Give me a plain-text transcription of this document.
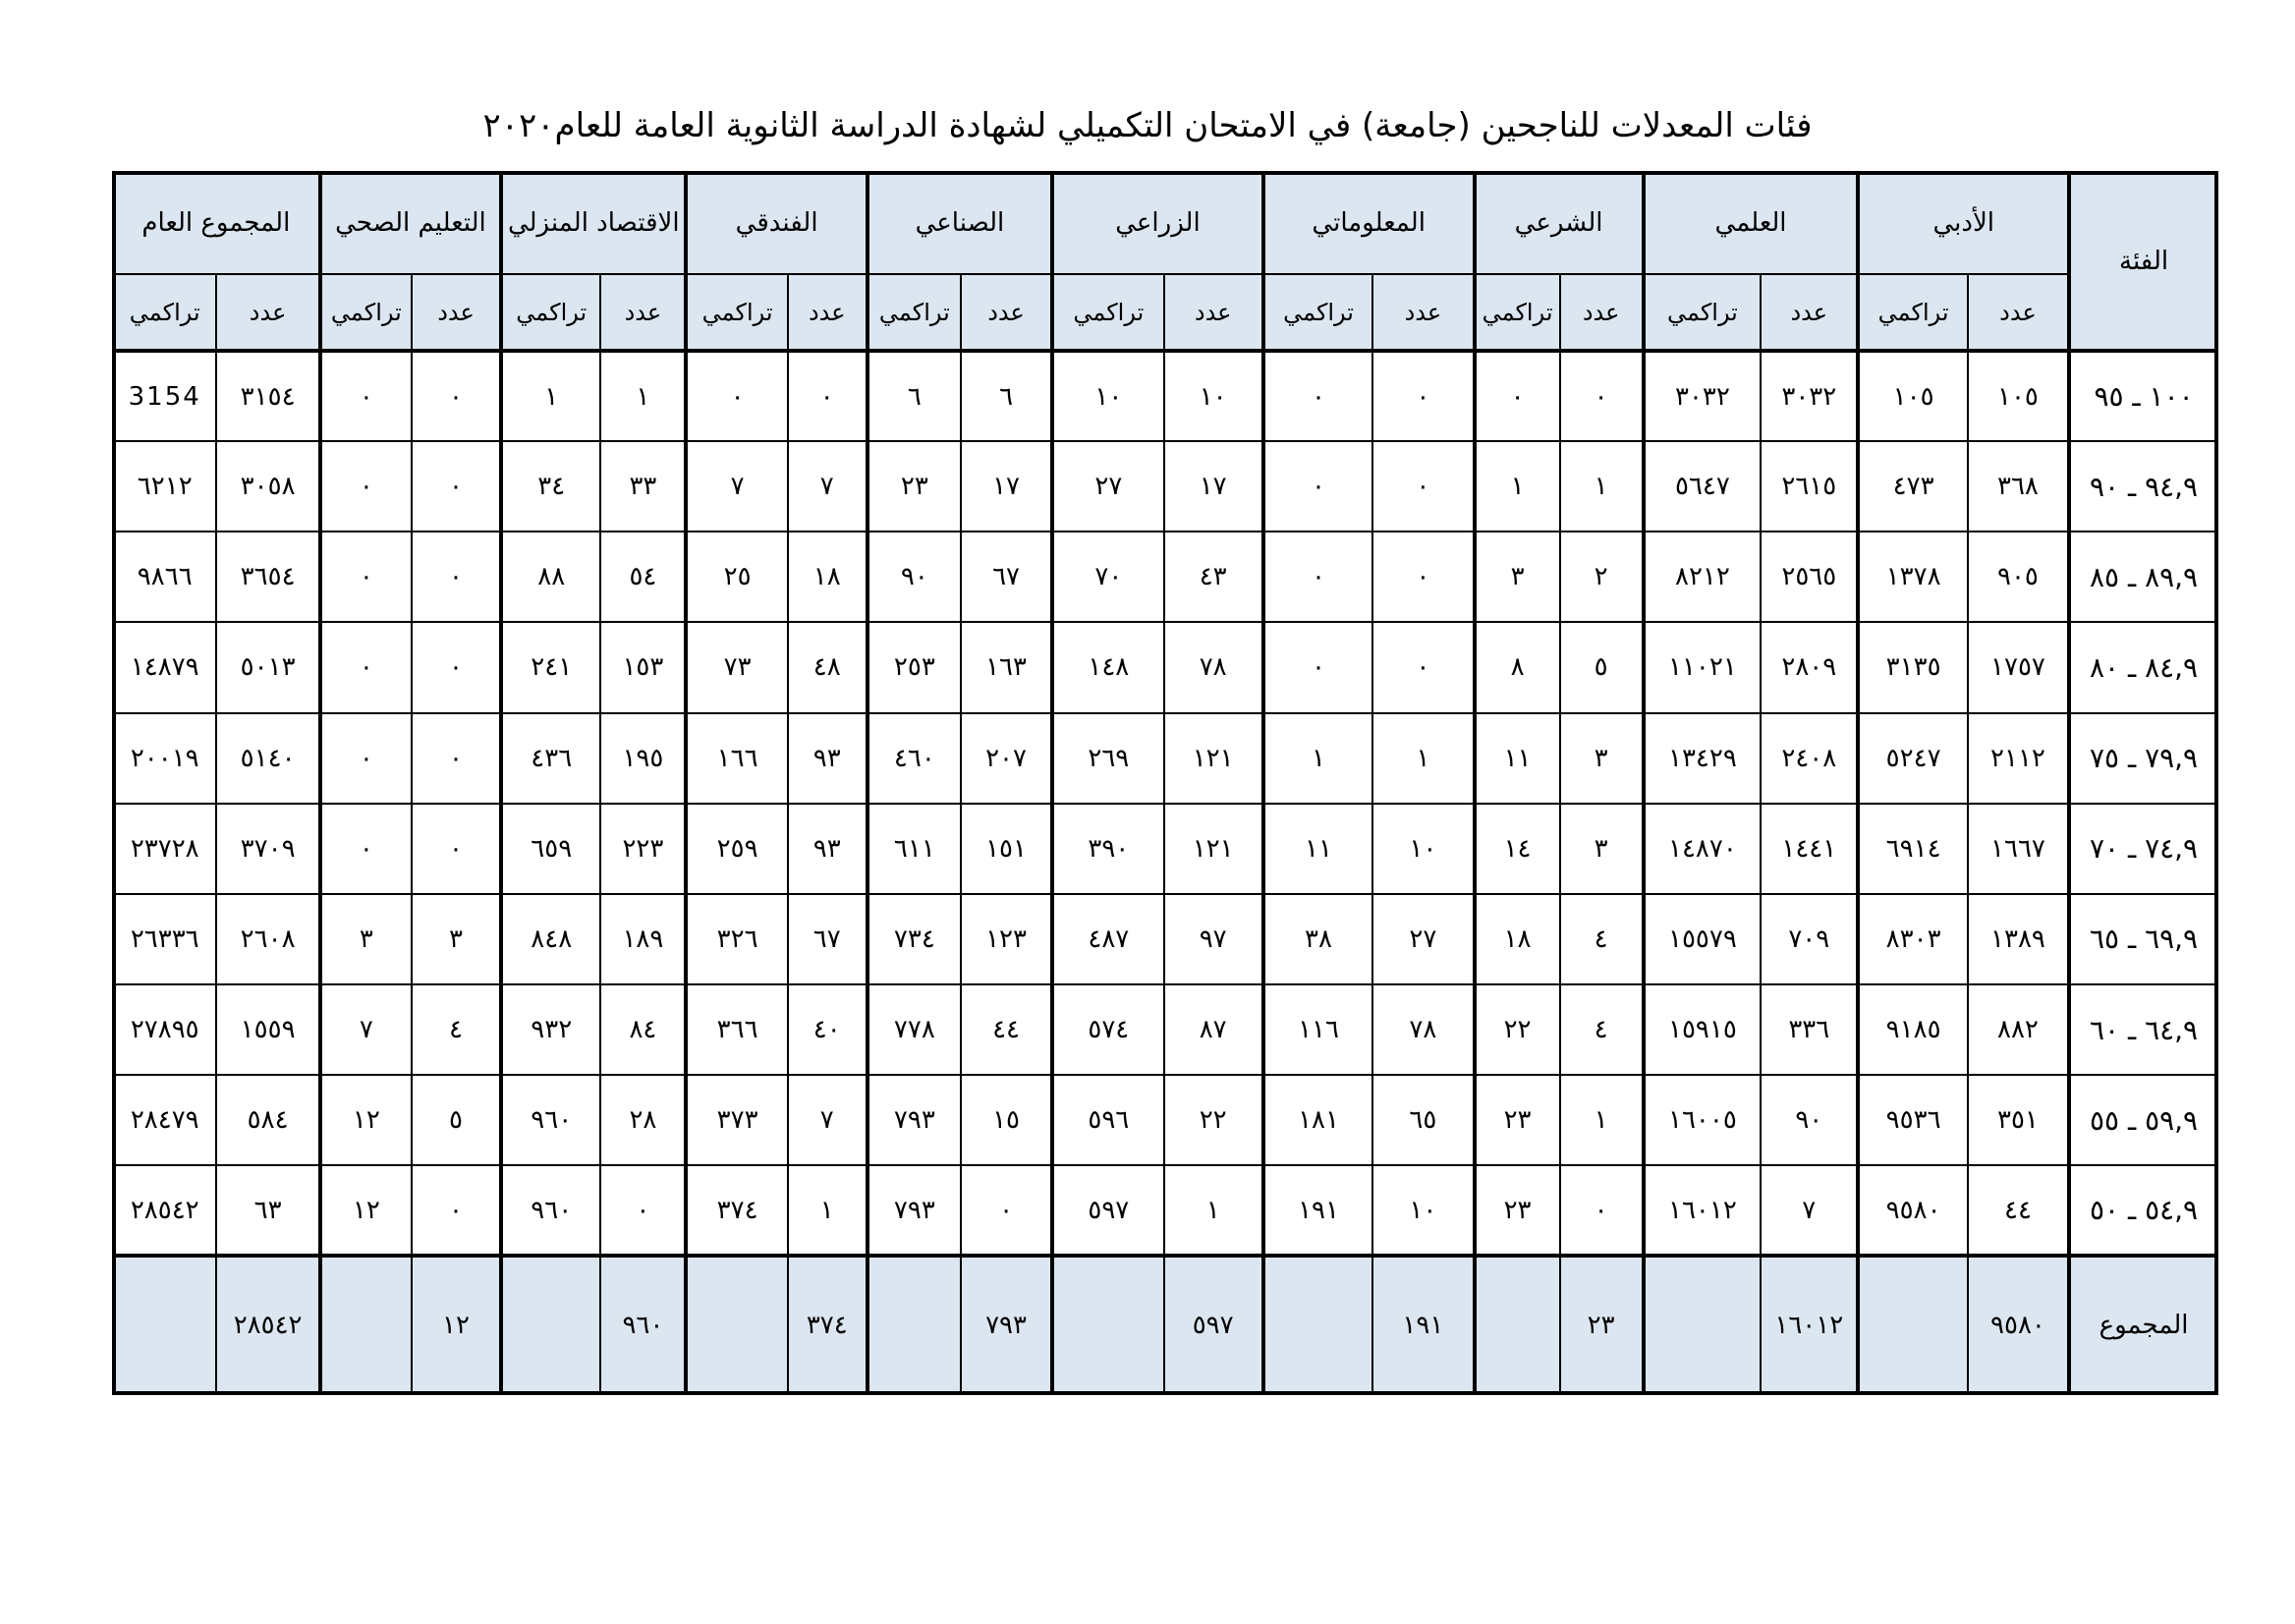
فئات المعدلات للناجحين (جامعة) في الامتحان التكميلي لشهادة الدراسة الثانوية العامة للعام٢٠٢٠
الفئة	الأدبي		العلمي		الشرعي		المعلوماتي		الزراعي		الصناعي		الفندقي		الاقتصاد المنزلي		التعليم الصحي		المجموع العام	
	عدد	تراكمي	عدد	تراكمي	عدد	تراكمي	عدد	تراكمي	عدد	تراكمي	عدد	تراكمي	عدد	تراكمي	عدد	تراكمي	عدد	تراكمي	عدد	تراكمي
١٠٠ ـ ٩٥	١٠٥	١٠٥	٣٠٣٢	٣٠٣٢	٠	٠	٠	٠	١٠	١٠	٦	٦	٠	٠	١	١	٠	٠	٣١٥٤	3154
٩٤,٩ ـ ٩٠	٣٦٨	٤٧٣	٢٦١٥	٥٦٤٧	١	١	٠	٠	١٧	٢٧	١٧	٢٣	٧	٧	٣٣	٣٤	٠	٠	٣٠٥٨	٦٢١٢
٨٩,٩ ـ ٨٥	٩٠٥	١٣٧٨	٢٥٦٥	٨٢١٢	٢	٣	٠	٠	٤٣	٧٠	٦٧	٩٠	١٨	٢٥	٥٤	٨٨	٠	٠	٣٦٥٤	٩٨٦٦
٨٤,٩ ـ ٨٠	١٧٥٧	٣١٣٥	٢٨٠٩	١١٠٢١	٥	٨	٠	٠	٧٨	١٤٨	١٦٣	٢٥٣	٤٨	٧٣	١٥٣	٢٤١	٠	٠	٥٠١٣	١٤٨٧٩
٧٩,٩ ـ ٧٥	٢١١٢	٥٢٤٧	٢٤٠٨	١٣٤٢٩	٣	١١	١	١	١٢١	٢٦٩	٢٠٧	٤٦٠	٩٣	١٦٦	١٩٥	٤٣٦	٠	٠	٥١٤٠	٢٠٠١٩
٧٤,٩ ـ ٧٠	١٦٦٧	٦٩١٤	١٤٤١	١٤٨٧٠	٣	١٤	١٠	١١	١٢١	٣٩٠	١٥١	٦١١	٩٣	٢٥٩	٢٢٣	٦٥٩	٠	٠	٣٧٠٩	٢٣٧٢٨
٦٩,٩ ـ ٦٥	١٣٨٩	٨٣٠٣	٧٠٩	١٥٥٧٩	٤	١٨	٢٧	٣٨	٩٧	٤٨٧	١٢٣	٧٣٤	٦٧	٣٢٦	١٨٩	٨٤٨	٣	٣	٢٦٠٨	٢٦٣٣٦
٦٤,٩ ـ ٦٠	٨٨٢	٩١٨٥	٣٣٦	١٥٩١٥	٤	٢٢	٧٨	١١٦	٨٧	٥٧٤	٤٤	٧٧٨	٤٠	٣٦٦	٨٤	٩٣٢	٤	٧	١٥٥٩	٢٧٨٩٥
٥٩,٩ ـ ٥٥	٣٥١	٩٥٣٦	٩٠	١٦٠٠٥	١	٢٣	٦٥	١٨١	٢٢	٥٩٦	١٥	٧٩٣	٧	٣٧٣	٢٨	٩٦٠	٥	١٢	٥٨٤	٢٨٤٧٩
٥٤,٩ ـ ٥٠	٤٤	٩٥٨٠	٧	١٦٠١٢	٠	٢٣	١٠	١٩١	١	٥٩٧	٠	٧٩٣	١	٣٧٤	٠	٩٦٠	٠	١٢	٦٣	٢٨٥٤٢
المجموع	٩٥٨٠		١٦٠١٢		٢٣		١٩١		٥٩٧		٧٩٣		٣٧٤		٩٦٠		١٢		٢٨٥٤٢	
